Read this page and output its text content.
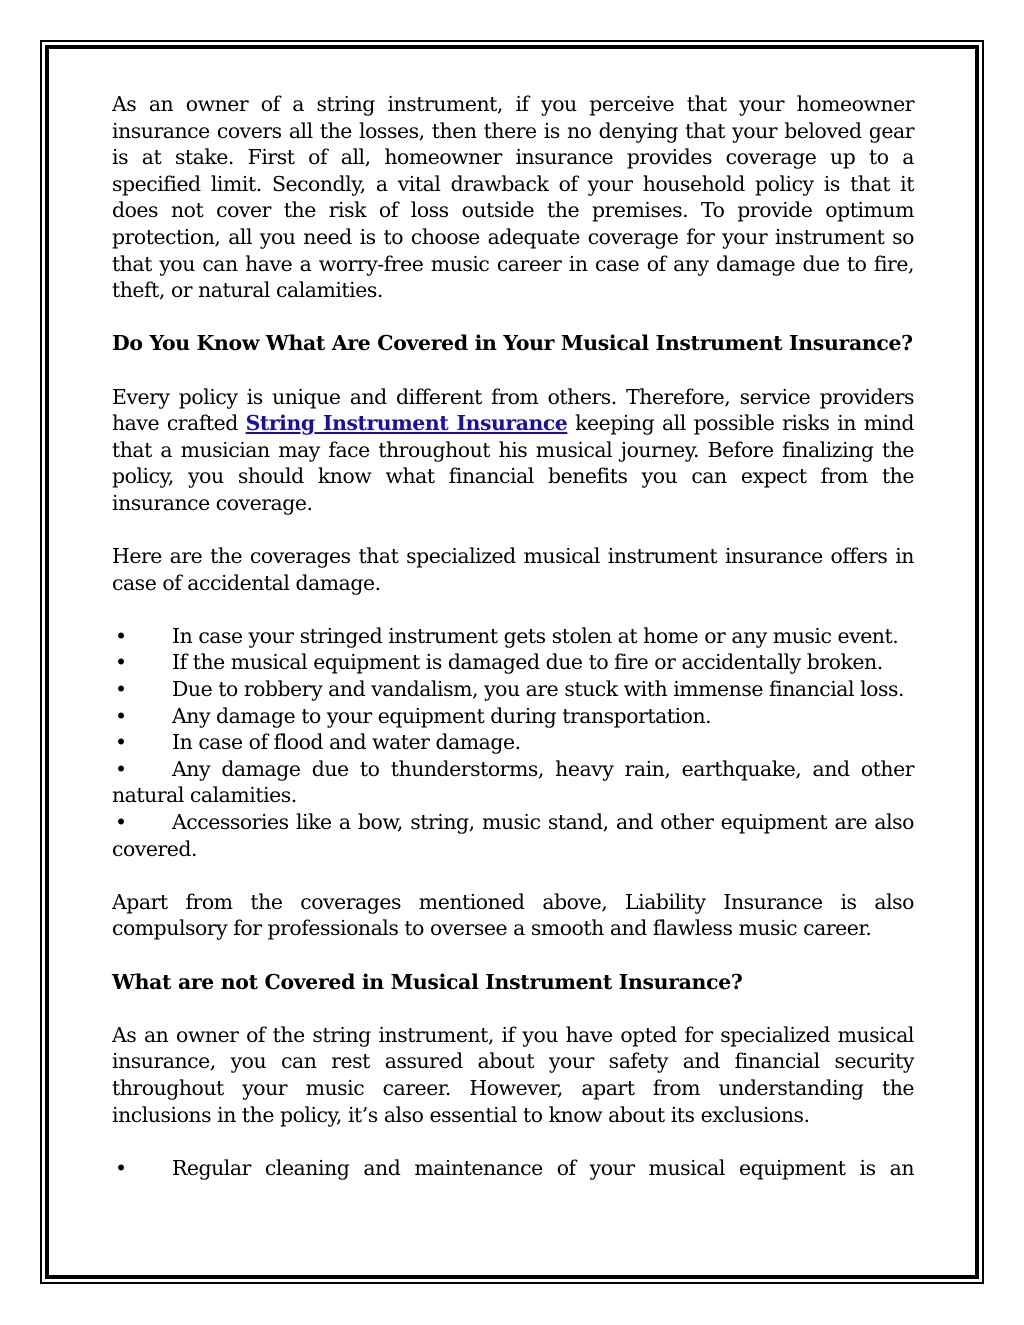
As an owner of a string instrument, if you perceive that your homeowner insurance covers all the losses, then there is no denying that your beloved gear is at stake. First of all, homeowner insurance provides coverage up to a specified limit. Secondly, a vital drawback of your household policy is that it does not cover the risk of loss outside the premises. To provide optimum protection, all you need is to choose adequate coverage for your instrument so that you can have a worry-free music career in case of any damage due to fire, theft, or natural calamities.

Do You Know What Are Covered in Your Musical Instrument Insurance?

Every policy is unique and different from others. Therefore, service providers have crafted String Instrument Insurance keeping all possible risks in mind that a musician may face throughout his musical journey. Before finalizing the policy, you should know what financial benefits you can expect from the insurance coverage.

Here are the coverages that specialized musical instrument insurance offers in case of accidental damage.

• In case your stringed instrument gets stolen at home or any music event.

• If the musical equipment is damaged due to fire or accidentally broken.

• Due to robbery and vandalism, you are stuck with immense financial loss.

• Any damage to your equipment during transportation.

• In case of flood and water damage.

• Any damage due to thunderstorms, heavy rain, earthquake, and other natural calamities.

• Accessories like a bow, string, music stand, and other equipment are also covered.

Apart from the coverages mentioned above, Liability Insurance is also compulsory for professionals to oversee a smooth and flawless music career.

What are not Covered in Musical Instrument Insurance?

As an owner of the string instrument, if you have opted for specialized musical insurance, you can rest assured about your safety and financial security throughout your music career. However, apart from understanding the inclusions in the policy, it’s also essential to know about its exclusions.

• Regular cleaning and maintenance of your musical equipment is an
